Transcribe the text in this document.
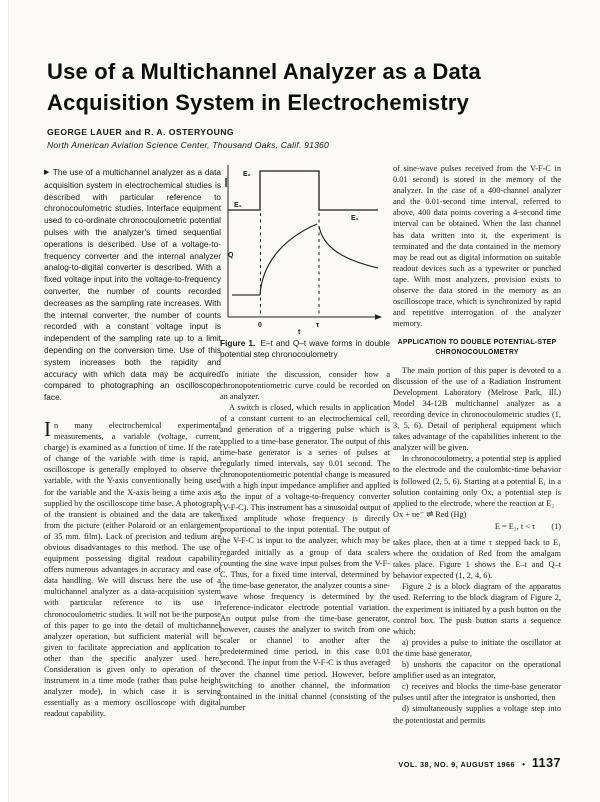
Use of a Multichannel Analyzer as a Data
Acquisition System in Electrochemistry
GEORGE LAUER and R. A. OSTERYOUNG
North American Aviation Science Center, Thousand Oaks, Calif. 91360
▶ The use of a multichannel analyzer as a data acquisition system in electrochemical studies is described with particular reference to chronocoulometric studies. Interface equipment used to co-ordinate chronocoulometric potential pulses with the analyzer's timed sequential operations is described. Use of a voltage-to-frequency converter and the internal analyzer analog-to-digital converter is described. With a fixed voltage input into the voltage-to-frequency converter, the number of counts recorded decreases as the sampling rate increases. With the internal converter, the number of counts recorded with a constant voltage input is independent of the sampling rate up to a limit depending on the conversion time. Use of this system increases both the rapidity and accuracy with which data may be acquired compared to photographing an oscilloscope face.
In many electrochemical experimental measurements, a variable (voltage, current, charge) is examined as a function of time. If the rate of change of the variable with time is rapid, an oscilloscope is generally employed to observe the variable, with the Y-axis conventionally being used for the variable and the X-axis being a time axis as supplied by the oscilloscope time base. A photograph of the transient is obtained and the data are taken from the picture (either Polaroid or an enlargement of 35 mm. film). Lack of precision and tedium are obvious disadvantages to this method. The use of equipment possessing digital readout capability offers numerous advantages in accuracy and ease of data handling. We will discuss here the use of a multichannel analyzer as a data-acquisition system with particular reference to its use in chronocoulometric studies. It will not be the purpose of this paper to go into the detail of multichannel analyzer operation, but sufficient material will be given to facilitate appreciation and application to other than the specific analyzer used here. Consideration is given only to operation of the instrument in a time mode (rather than pulse height analyzer mode), in which case it is serving essentially as a memory oscilloscope with digital readout capability.
E₂
E₁
E₁
Q
0	τ
t
Figure 1. E–t and Q–t wave forms in double potential step chronocoulometry

To initiate the discussion, consider how a chronopotentiometric curve could be recorded on an analyzer.

A switch is closed, which results in application of a constant current to an electrochemical cell, and generation of a triggering pulse which is applied to a time-base generator. The output of this time-base generator is a series of pulses at regularly timed intervals, say 0.01 second. The chronopotentiometric potential change is measured with a high input impedance amplifier and applied to the input of a voltage-to-frequency converter (V-F-C). This instrument has a sinusoidal output of fixed amplitude whose frequency is directly proportional to the input potential. The output of the V-F-C is input to the analyzer, which may be regarded initially as a group of data scalers counting the sine wave input pulses from the V-F-C. Thus, for a fixed time interval, determined by the time-base generator, the analyzer counts a sine-wave whose frequency is determined by the reference-indicator electrode potential variation. An output pulse from the time-base generator, however, causes the analyzer to switch from one scaler or channel to another after the predetermined time period, in this case 0.01 second. The input from the V-F-C is thus averaged over the channel time period. However, before switching to another channel, the information contained in the initial channel (consisting of the number

of sine-wave pulses received from the V-F-C in 0.01 second) is stored in the memory of the analyzer. In the case of a 400-channel analyzer and the 0.01-second time interval, referred to above, 400 data points covering a 4-second time interval can be obtained. When the last channel has data written into it, the experiment is terminated and the data contained in the memory may be read out as digital information on suitable readout devices such as a typewriter or punched tape. With most analyzers, provision exists to observe the data stored in the memory as an oscilloscope trace, which is synchronized by rapid and repetitive interrogation of the analyzer memory.

APPLICATION TO DOUBLE POTENTIAL-STEP CHRONOCOULOMETRY

The main portion of this paper is devoted to a discussion of the use of a Radiation Instrument Development Laboratory (Melrose Park, Ill.) Model 34-12B multichannel analyzer as a recording device in chronocoulometric studies (1, 3, 5, 6). Detail of peripheral equipment which takes advantage of the capabilities inherent to the analyzer will be given.

In chronocoulometry, a potential step is applied to the electrode and the coulombic-time behavior is followed (2, 5, 6). Starting at a potential E₁ in a solution containing only Ox, a potential step is applied to the electrode, where the reaction at E₂

Ox + ne⁻ ⇌ Red (Hg)

E = E₂, t < τ (1)

takes place, then at a time τ stepped back to E₁ where the oxidation of Red from the amalgam takes place. Figure 1 shows the E–t and Q–t behavior expected (1, 2, 4, 6).

Figure 2 is a block diagram of the apparatus used. Referring to the block diagram of Figure 2, the experiment is initiated by a push button on the control box. The push button starts a sequence which:

a) provides a pulse to initiate the oscillator at the time base generator,

b) unshorts the capacitor on the operational amplifier used as an integrator,

c) receives and blocks the time-base generator pulses until after the integrator is unshorted, then

d) simultaneously supplies a voltage step into the potentiostat and permits

VOL. 38, NO. 9, AUGUST 1966 • 1137
